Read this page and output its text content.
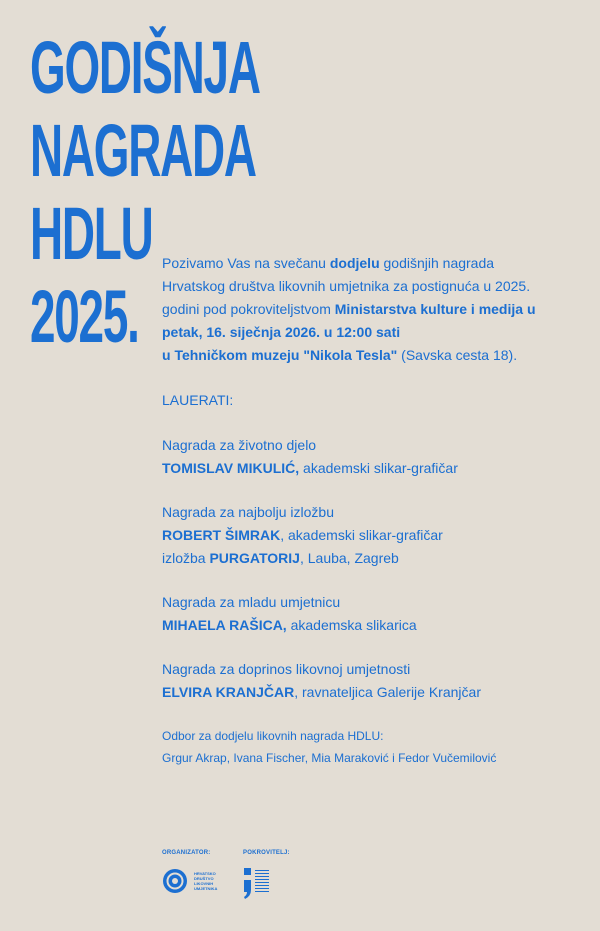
GODIŠNJA
NAGRADA
HDLU
2025.

Pozivamo Vas na svečanu dodjelu godišnjih nagrada

Hrvatskog društva likovnih umjetnika za postignuća u 2025.

godini pod pokroviteljstvom Ministarstva kulture i medija u

petak, 16. siječnja 2026. u 12:00 sati

u Tehničkom muzeju "Nikola Tesla" (Savska cesta 18).

LAUERATI:

Nagrada za životno djelo

TOMISLAV MIKULIĆ, akademski slikar-grafičar

Nagrada za najbolju izložbu

ROBERT ŠIMRAK, akademski slikar-grafičar

izložba PURGATORIJ, Lauba, Zagreb

Nagrada za mladu umjetnicu

MIHAELA RAŠICA, akademska slikarica

Nagrada za doprinos likovnoj umjetnosti

ELVIRA KRANJČAR, ravnateljica Galerije Kranjčar

Odbor za dodjelu likovnih nagrada HDLU:

Grgur Akrap, Ivana Fischer, Mia Maraković i Fedor Vučemilović

ORGANIZATOR:	POKROVITELJ:
HRVATSKO
DRUŠTVO
LIKOVNIH
UMJETNIKA
